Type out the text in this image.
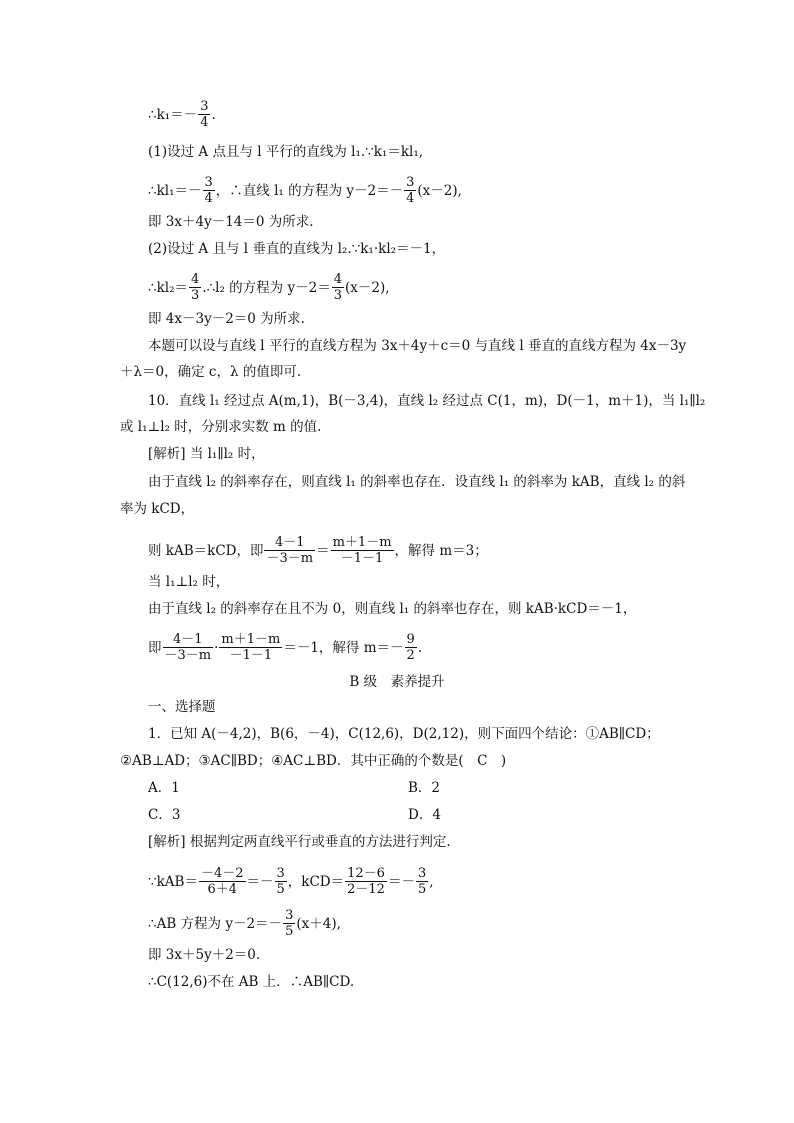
∴k₁＝－ $\frac{3}{4}$ .
(1)设过 A 点且与 l 平行的直线为 l₁.∵k₁＝kl₁,
∴kl₁＝－ $\frac{3}{4}$ ，∴直线 l₁ 的方程为 $y-2=- \frac{3}{4} (x-2)$,
即 3x＋4y－14＝0 为所求.
(2)设过 A 且与 l 垂直的直线为 l₂.∵k₁·kl₂＝－1，
∴kl₂＝ $\frac{4}{3}$ .∴l₂ 的方程为 $y-2= \frac{4}{3} (x-2)$,
即 4x－3y－2＝0 为所求.
本题可以设与直线 l 平行的直线方程为 3x＋4y＋c＝0 与直线 l 垂直的直线方程为 4x－3y
＋λ＝0，确定 c，λ 的值即可.
10．直线 l₁ 经过点 A(m,1)，B(－3,4)，直线 l₂ 经过点 C(1，m)，D(－1，m＋1)，当 l₁∥l₂
或 l₁⊥l₂ 时，分别求实数 m 的值.
[解析] 当 l₁∥l₂ 时，
由于直线 l₂ 的斜率存在，则直线 l₁ 的斜率也存在．设直线 l₁ 的斜率为 kAB，直线 l₂ 的斜
率为 kCD，
则 kAB＝kCD，即 $\frac{4-1}{-3-m} = \frac{m+1-m}{-1-1}$ ，解得 m＝3；
当 l₁⊥l₂ 时，
由于直线 l₂ 的斜率存在且不为 0，则直线 l₁ 的斜率也存在，则 kAB·kCD＝－1，
即 $\frac{4-1}{-3-m} \cdot \frac{m+1-m}{-1-1} =-1$，解得 $m=- \frac{9}{2}$ .
B 级　素养提升
一、选择题
1．已知 A(－4,2)，B(6，－4)，C(12,6)，D(2,12)，则下面四个结论：①AB∥CD；
②AB⊥AD；③AC∥BD；④AC⊥BD．其中正确的个数是(　C　)
A．1	B．2
C．3	D．4
[解析] 根据判定两直线平行或垂直的方法进行判定.
∵kAB＝ $\frac{-4-2}{6+4} =- \frac{3}{5}$ ，$kCD= \frac{12-6}{2-12} =- \frac{3}{5}$ ,
∴AB 方程为 $y-2=- \frac{3}{5} (x+4)$,
即 3x＋5y＋2＝0.
∴C(12,6)不在 AB 上．∴AB∥CD.
